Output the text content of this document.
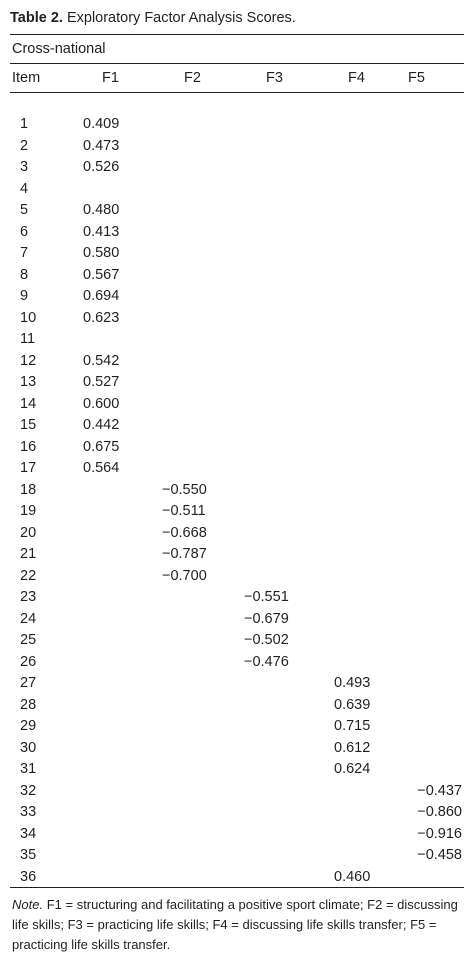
Table 2. Exploratory Factor Analysis Scores.
Cross-national
Item	F1	F2	F3	F4	F5

1	0.409				
2	0.473				
3	0.526				
4					
5	0.480				
6	0.413				
7	0.580				
8	0.567				
9	0.694				
10	0.623				
11					
12	0.542				
13	0.527				
14	0.600				
15	0.442				
16	0.675				
17	0.564				
18		−0.550			
19		−0.511			
20		−0.668			
21		−0.787			
22		−0.700			
23			−0.551		
24			−0.679		
25			−0.502		
26			−0.476		
27				0.493	
28				0.639	
29				0.715	
30				0.612	
31				0.624	
32					−0.437
33					−0.860
34					−0.916
35					−0.458
36				0.460	

Note. F1 = structuring and facilitating a positive sport climate; F2 = discussing life skills; F3 = practicing life skills; F4 = discussing life skills transfer; F5 = practicing life skills transfer.
